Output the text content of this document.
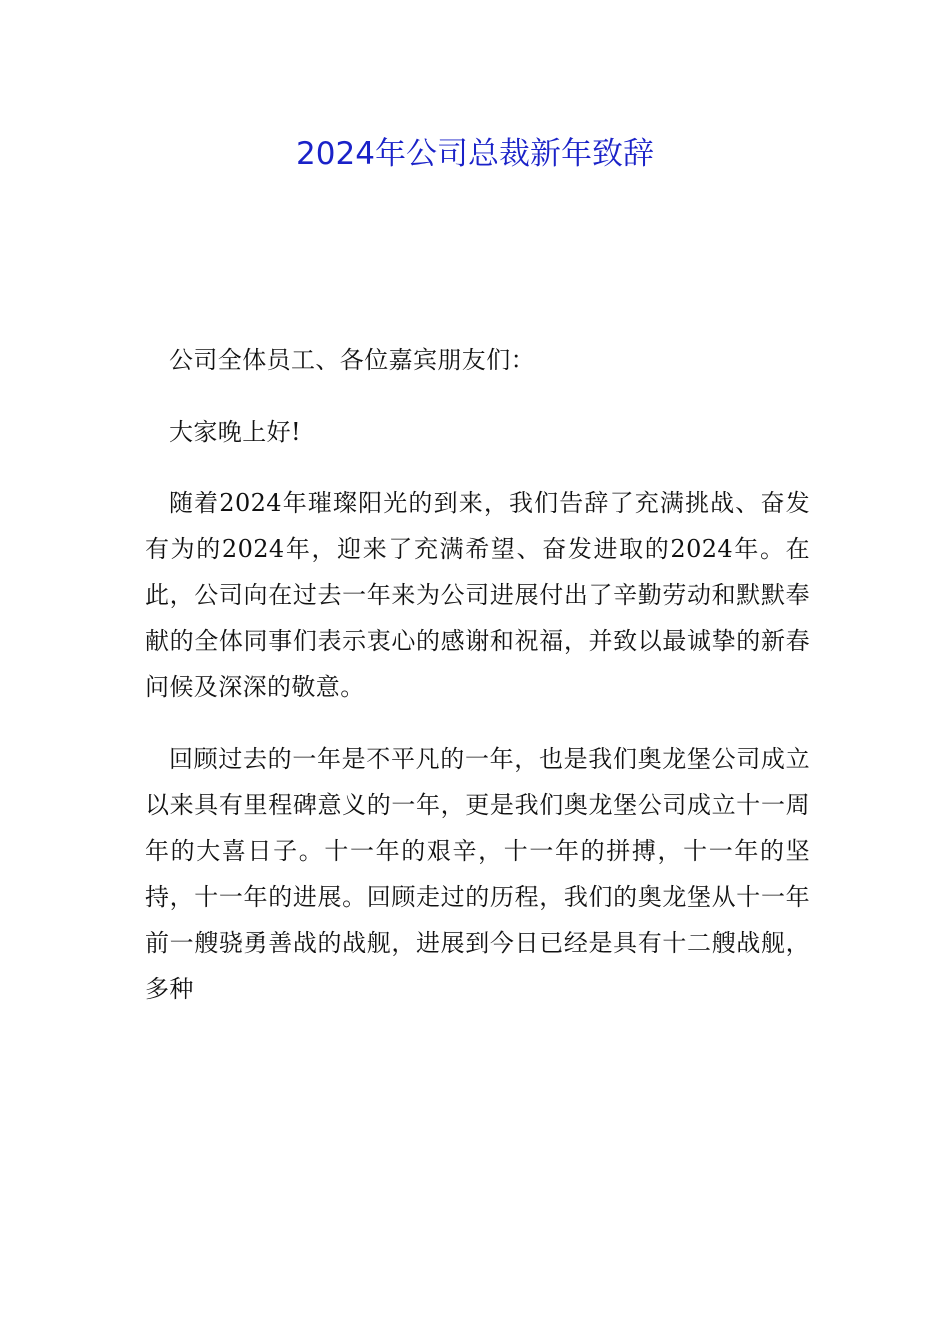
2024年公司总裁新年致辞

公司全体员工、各位嘉宾朋友们：

大家晚上好!

随着2024年璀璨阳光的到来，我们告辞了充满挑战、奋发有为的2024年，迎来了充满希望、奋发进取的2024年。在此，公司向在过去一年来为公司进展付出了辛勤劳动和默默奉献的全体同事们表示衷心的感谢和祝福，并致以最诚挚的新春问候及深深的敬意。

回顾过去的一年是不平凡的一年，也是我们奥龙堡公司成立以来具有里程碑意义的一年，更是我们奥龙堡公司成立十一周年的大喜日子。十一年的艰辛，十一年的拼搏，十一年的坚持，十一年的进展。回顾走过的历程，我们的奥龙堡从十一年前一艘骁勇善战的战舰，进展到今日已经是具有十二艘战舰，多种
